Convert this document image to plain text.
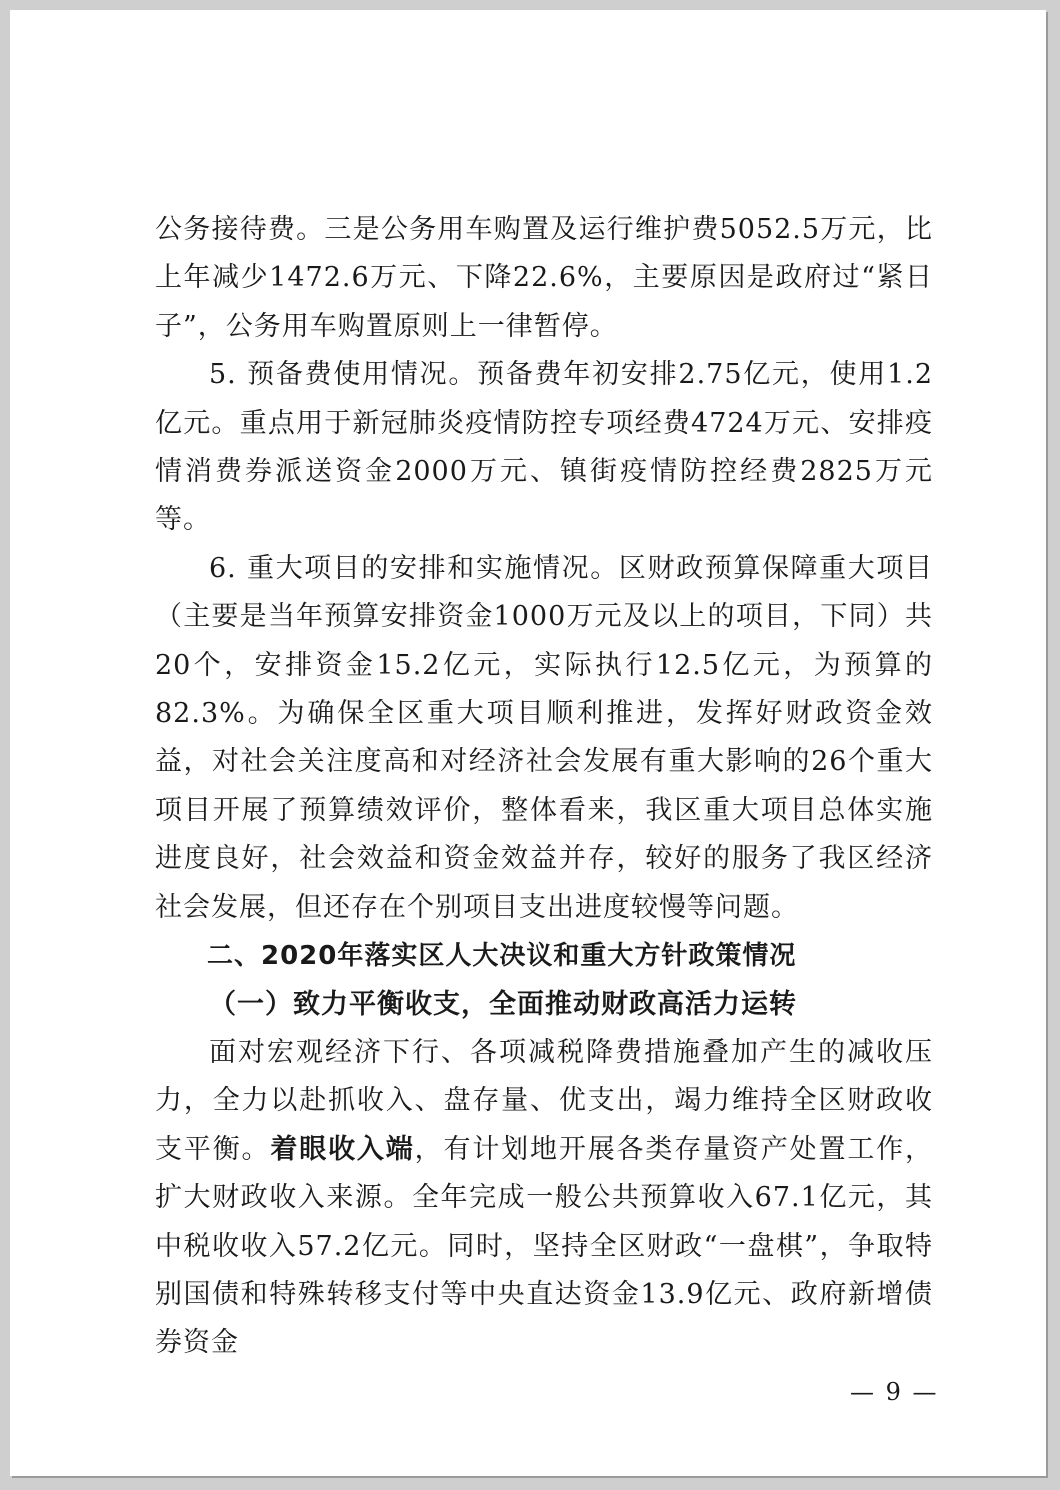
公务接待费。三是公务用车购置及运行维护费5052.5万元，比上年减少1472.6万元、下降22.6%，主要原因是政府过“紧日子”，公务用车购置原则上一律暂停。

5. 预备费使用情况。预备费年初安排2.75亿元，使用1.2亿元。重点用于新冠肺炎疫情防控专项经费4724万元、安排疫情消费券派送资金2000万元、镇街疫情防控经费2825万元等。

6. 重大项目的安排和实施情况。区财政预算保障重大项目（主要是当年预算安排资金1000万元及以上的项目，下同）共20个，安排资金15.2亿元，实际执行12.5亿元，为预算的82.3%。为确保全区重大项目顺利推进，发挥好财政资金效益，对社会关注度高和对经济社会发展有重大影响的26个重大项目开展了预算绩效评价，整体看来，我区重大项目总体实施进度良好，社会效益和资金效益并存，较好的服务了我区经济社会发展，但还存在个别项目支出进度较慢等问题。

二、2020年落实区人大决议和重大方针政策情况

（一）致力平衡收支，全面推动财政高活力运转

面对宏观经济下行、各项减税降费措施叠加产生的减收压力，全力以赴抓收入、盘存量、优支出，竭力维持全区财政收支平衡。着眼收入端，有计划地开展各类存量资产处置工作，扩大财政收入来源。全年完成一般公共预算收入67.1亿元，其中税收收入57.2亿元。同时，坚持全区财政“一盘棋”，争取特别国债和特殊转移支付等中央直达资金13.9亿元、政府新增债券资金

— 9 —
